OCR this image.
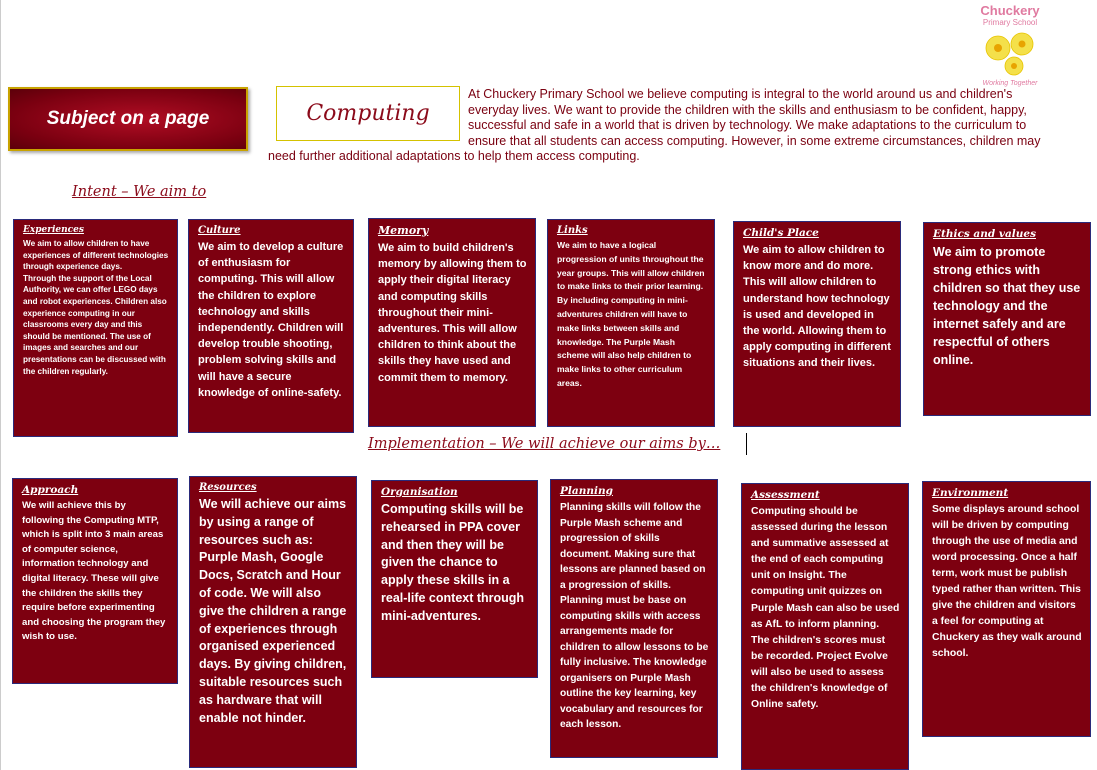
Chuckery
Primary School
Working Together
Subject on a page	Computing
At Chuckery Primary School we believe computing is integral to the world around us and children's everyday lives. We want to provide the children with the skills and enthusiasm to be confident, happy, successful and safe in a world that is driven by technology. We make adaptations to the curriculum to ensure that all students can access computing. However, in some extreme circumstances, children may need further additional adaptations to help them access computing.
Intent – We aim to
Experiences
We aim to allow children to have experiences of different technologies through experience days.
Through the support of the Local Authority, we can offer LEGO days and robot experiences. Children also experience computing in our classrooms every day and this should be mentioned. The use of images and searches and our presentations can be discussed with the children regularly.
Culture
We aim to develop a culture of enthusiasm for computing. This will allow the children to explore technology and skills independently. Children will develop trouble shooting, problem solving skills and will have a secure knowledge of online-safety.
Memory
We aim to build children's memory by allowing them to apply their digital literacy and computing skills throughout their mini-adventures. This will allow children to think about the skills they have used and commit them to memory.
Links
We aim to have a logical progression of units throughout the year groups. This will allow children to make links to their prior learning. By including computing in mini-adventures children will have to make links between skills and knowledge. The Purple Mash scheme will also help children to make links to other curriculum areas.
Child's Place
We aim to allow children to know more and do more. This will allow children to understand how technology is used and developed in the world. Allowing them to apply computing in different situations and their lives.
Ethics and values
We aim to promote strong ethics with children so that they use technology and the internet safely and are respectful of others online.
Implementation – We will achieve our aims by…
Approach
We will achieve this by following the Computing MTP, which is split into 3 main areas of computer science, information technology and digital literacy. These will give the children the skills they require before experimenting and choosing the program they wish to use.
Resources
We will achieve our aims by using a range of resources such as: Purple Mash, Google Docs, Scratch and Hour of code. We will also give the children a range of experiences through organised experienced days. By giving children, suitable resources such as hardware that will enable not hinder.
Organisation
Computing skills will be rehearsed in PPA cover and then they will be given the chance to apply these skills in a real-life context through mini-adventures.
Planning
Planning skills will follow the Purple Mash scheme and progression of skills document. Making sure that lessons are planned based on a progression of skills. Planning must be base on computing skills with access arrangements made for children to allow lessons to be fully inclusive. The knowledge organisers on Purple Mash outline the key learning, key vocabulary and resources for each lesson.
Assessment
Computing should be assessed during the lesson and summative assessed at the end of each computing unit on Insight. The computing unit quizzes on Purple Mash can also be used as AfL to inform planning. The children's scores must be recorded. Project Evolve will also be used to assess the children's knowledge of Online safety.
Environment
Some displays around school will be driven by computing through the use of media and word processing. Once a half term, work must be publish typed rather than written. This give the children and visitors a feel for computing at Chuckery as they walk around school.
